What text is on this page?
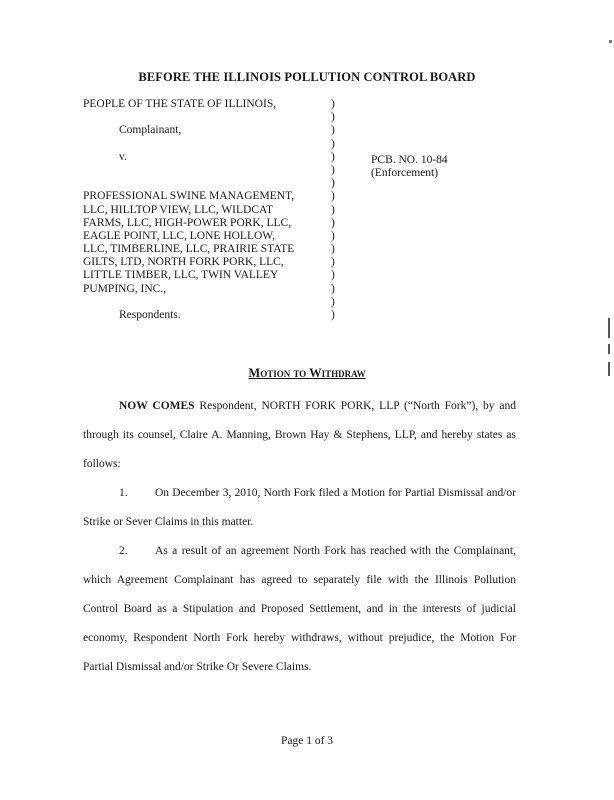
BEFORE THE ILLINOIS POLLUTION CONTROL BOARD
PEOPLE OF THE STATE OF ILLINOIS,
Complainant,
v.
PROFESSIONAL SWINE MANAGEMENT,
LLC, HILLTOP VIEW, LLC, WILDCAT
FARMS, LLC, HIGH-POWER PORK, LLC,
EAGLE POINT, LLC, LONE HOLLOW,
LLC, TIMBERLINE, LLC, PRAIRIE STATE
GILTS, LTD, NORTH FORK PORK, LLC,
LITTLE TIMBER, LLC, TWIN VALLEY
PUMPING, INC.,
Respondents.
)
)
)
)
)
)
)
)
)
)
)
)
)
)
)
)
)
PCB. NO. 10-84
(Enforcement)
Motion to Withdraw

NOW COMES Respondent, NORTH FORK PORK, LLP (“North Fork”), by and through its counsel, Claire A. Manning, Brown Hay & Stephens, LLP, and hereby states as follows:

1. On December 3, 2010, North Fork filed a Motion for Partial Dismissal and/or Strike or Sever Claims in this matter.

2. As a result of an agreement North Fork has reached with the Complainant, which Agreement Complainant has agreed to separately file with the Illinois Pollution Control Board as a Stipulation and Proposed Settlement, and in the interests of judicial economy, Respondent North Fork hereby withdraws, without prejudice, the Motion For Partial Dismissal and/or Strike Or Severe Claims.

Page 1 of 3
